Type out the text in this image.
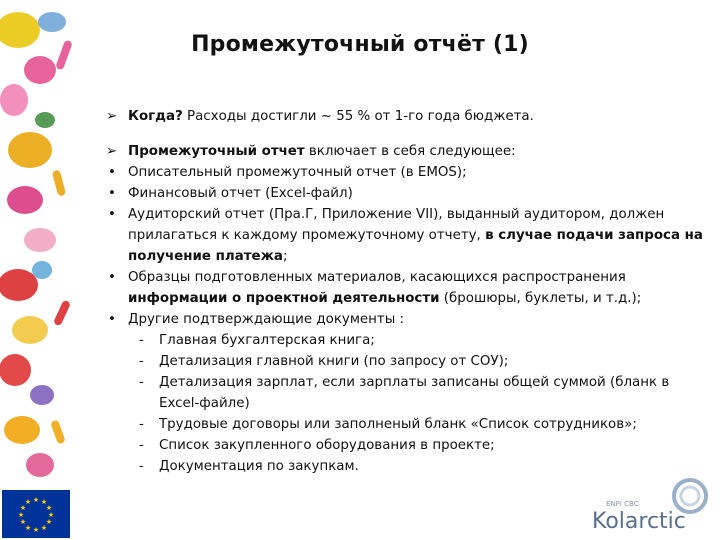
Промежуточный отчёт (1)
➢ Когда? Расходы достигли ~ 55 % от 1-го года бюджета.
➢ Промежуточный отчет включает в себя следующее:
• Описательный промежуточный отчет (в EMOS);
• Финансовый отчет (Excel-файл)
• Аудиторский отчет (Пра.Г, Приложение VII), выданный аудитором, должен прилагаться к каждому промежуточному отчету, в случае подачи запроса на получение платежа;
• Образцы подготовленных материалов, касающихся распространения информации о проектной деятельности (брошюры, буклеты, и т.д.);
• Другие подтверждающие документы :
- Главная бухгалтерская книга;
- Детализация главной книги (по запросу от СОУ);
- Детализация зарплат, если зарплаты записаны общей суммой (бланк в Excel-файле)
- Трудовые договоры или заполненый бланк «Список сотрудников»;
- Список закупленного оборудования в проекте;
- Документация по закупкам.
★ ★
★
★
★
★
★
★
★
★
★
★	ENPI CBC
Kolarctic
